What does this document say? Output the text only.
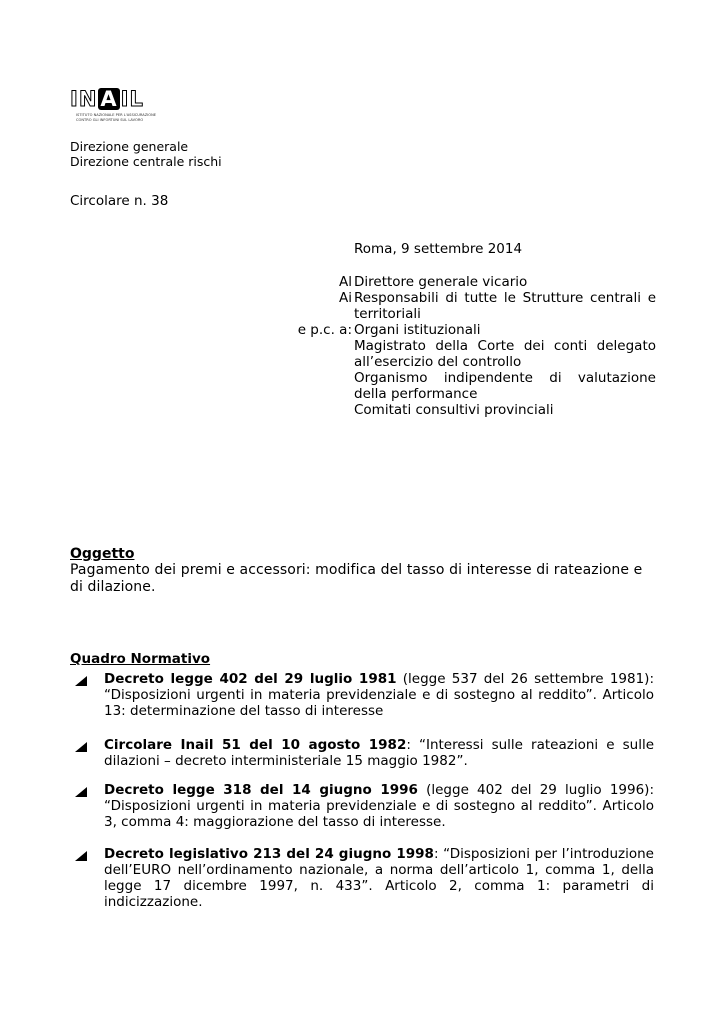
I N A I L
ISTITUTO NAZIONALE PER L'ASSICURAZIONE
CONTRO GLI INFORTUNI SUL LAVORO
Direzione generale
Direzione centrale rischi
Circolare n. 38
Roma, 9 settembre 2014
Al Direttore generale vicario
Ai Responsabili di tutte le Strutture centrali e territoriali
e p.c. a: Organi istituzionali
Magistrato della Corte dei conti delegato all’esercizio del controllo
Organismo indipendente di valutazione della performance
Comitati consultivi provinciali
Oggetto
Pagamento dei premi e accessori: modifica del tasso di interesse di rateazione e di dilazione.
Quadro Normativo
Decreto legge 402 del 29 luglio 1981 (legge 537 del 26 settembre 1981): “Disposizioni urgenti in materia previdenziale e di sostegno al reddito”. Articolo 13: determinazione del tasso di interesse
Circolare Inail 51 del 10 agosto 1982: “Interessi sulle rateazioni e sulle dilazioni – decreto interministeriale 15 maggio 1982”.
Decreto legge 318 del 14 giugno 1996 (legge 402 del 29 luglio 1996): “Disposizioni urgenti in materia previdenziale e di sostegno al reddito”. Articolo 3, comma 4: maggiorazione del tasso di interesse.
Decreto legislativo 213 del 24 giugno 1998: “Disposizioni per l’introduzione dell’EURO nell’ordinamento nazionale, a norma dell’articolo 1, comma 1, della legge 17 dicembre 1997, n. 433”. Articolo 2, comma 1: parametri di indicizzazione.
